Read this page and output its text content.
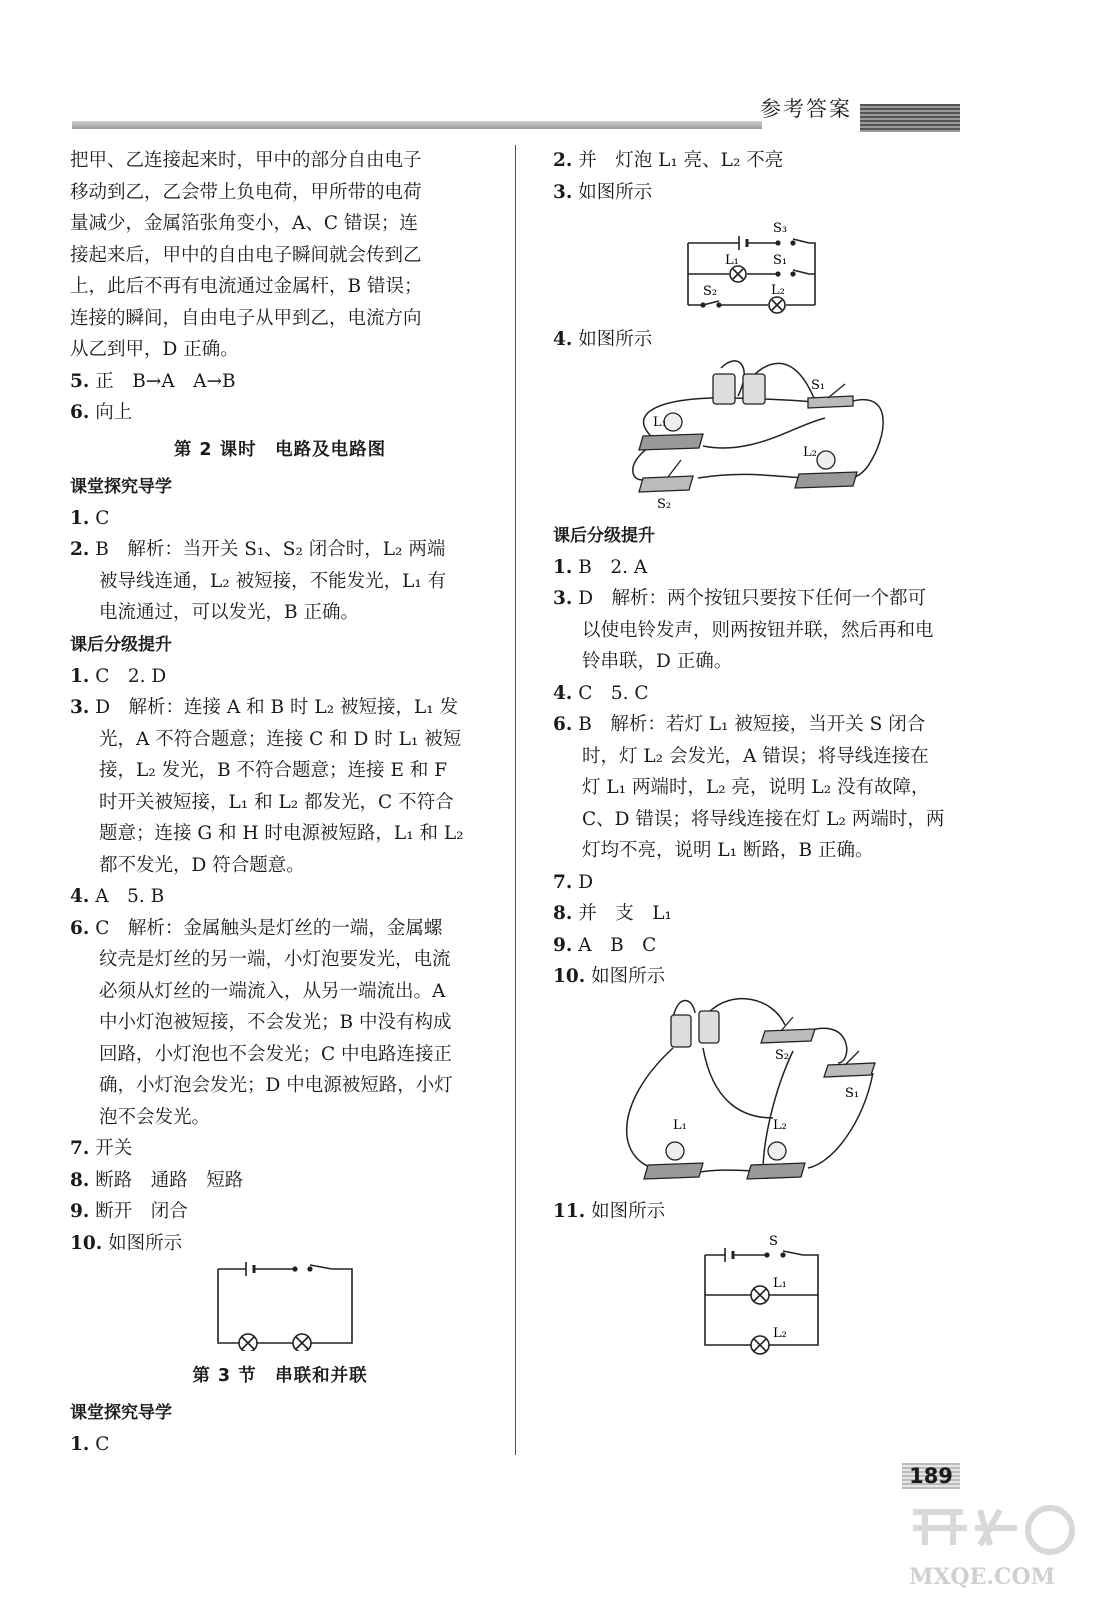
参考答案

把甲、乙连接起来时，甲中的部分自由电子

移动到乙，乙会带上负电荷，甲所带的电荷

量减少，金属箔张角变小，A、C 错误；连

接起来后，甲中的自由电子瞬间就会传到乙

上，此后不再有电流通过金属杆，B 错误；

连接的瞬间，自由电子从甲到乙，电流方向

从乙到甲，D 正确。

5. 正　B→A　A→B

6. 向上

第 2 课时　电路及电路图

课堂探究导学

1. C

2. B　解析：当开关 S₁、S₂ 闭合时，L₂ 两端

被导线连通，L₂ 被短接，不能发光，L₁ 有

电流通过，可以发光，B 正确。

课后分级提升

1. C　2. D

3. D　解析：连接 A 和 B 时 L₂ 被短接，L₁ 发

光，A 不符合题意；连接 C 和 D 时 L₁ 被短

接，L₂ 发光，B 不符合题意；连接 E 和 F

时开关被短接，L₁ 和 L₂ 都发光，C 不符合

题意；连接 G 和 H 时电源被短路，L₁ 和 L₂

都不发光，D 符合题意。

4. A　5. B

6. C　解析：金属触头是灯丝的一端，金属螺

纹壳是灯丝的另一端，小灯泡要发光，电流

必须从灯丝的一端流入，从另一端流出。A

中小灯泡被短接，不会发光；B 中没有构成

回路，小灯泡也不会发光；C 中电路连接正

确，小灯泡会发光；D 中电源被短路，小灯

泡不会发光。

7. 开关

8. 断路　通路　短路

9. 断开　闭合

10. 如图所示

第 3 节　串联和并联

课堂探究导学

1. C

2. 并　灯泡 L₁ 亮、L₂ 不亮

3. 如图所示

S₃
L₁	S₁
S₂	L₂

4. 如图所示

L₁
S₁
L₂
S₂

课后分级提升

1. B　2. A

3. D　解析：两个按钮只要按下任何一个都可

以使电铃发声，则两按钮并联，然后再和电

铃串联，D 正确。

4. C　5. C

6. B　解析：若灯 L₁ 被短接，当开关 S 闭合

时，灯 L₂ 会发光，A 错误；将导线连接在

灯 L₁ 两端时，L₂ 亮，说明 L₂ 没有故障，

C、D 错误；将导线连接在灯 L₂ 两端时，两

灯均不亮，说明 L₁ 断路，B 正确。

7. D

8. 并　支　L₁

9. A　B　C

10. 如图所示

S₂
S₁
L₁	L₂

11. 如图所示

S
L₁
L₂
189
MXQE.COM
